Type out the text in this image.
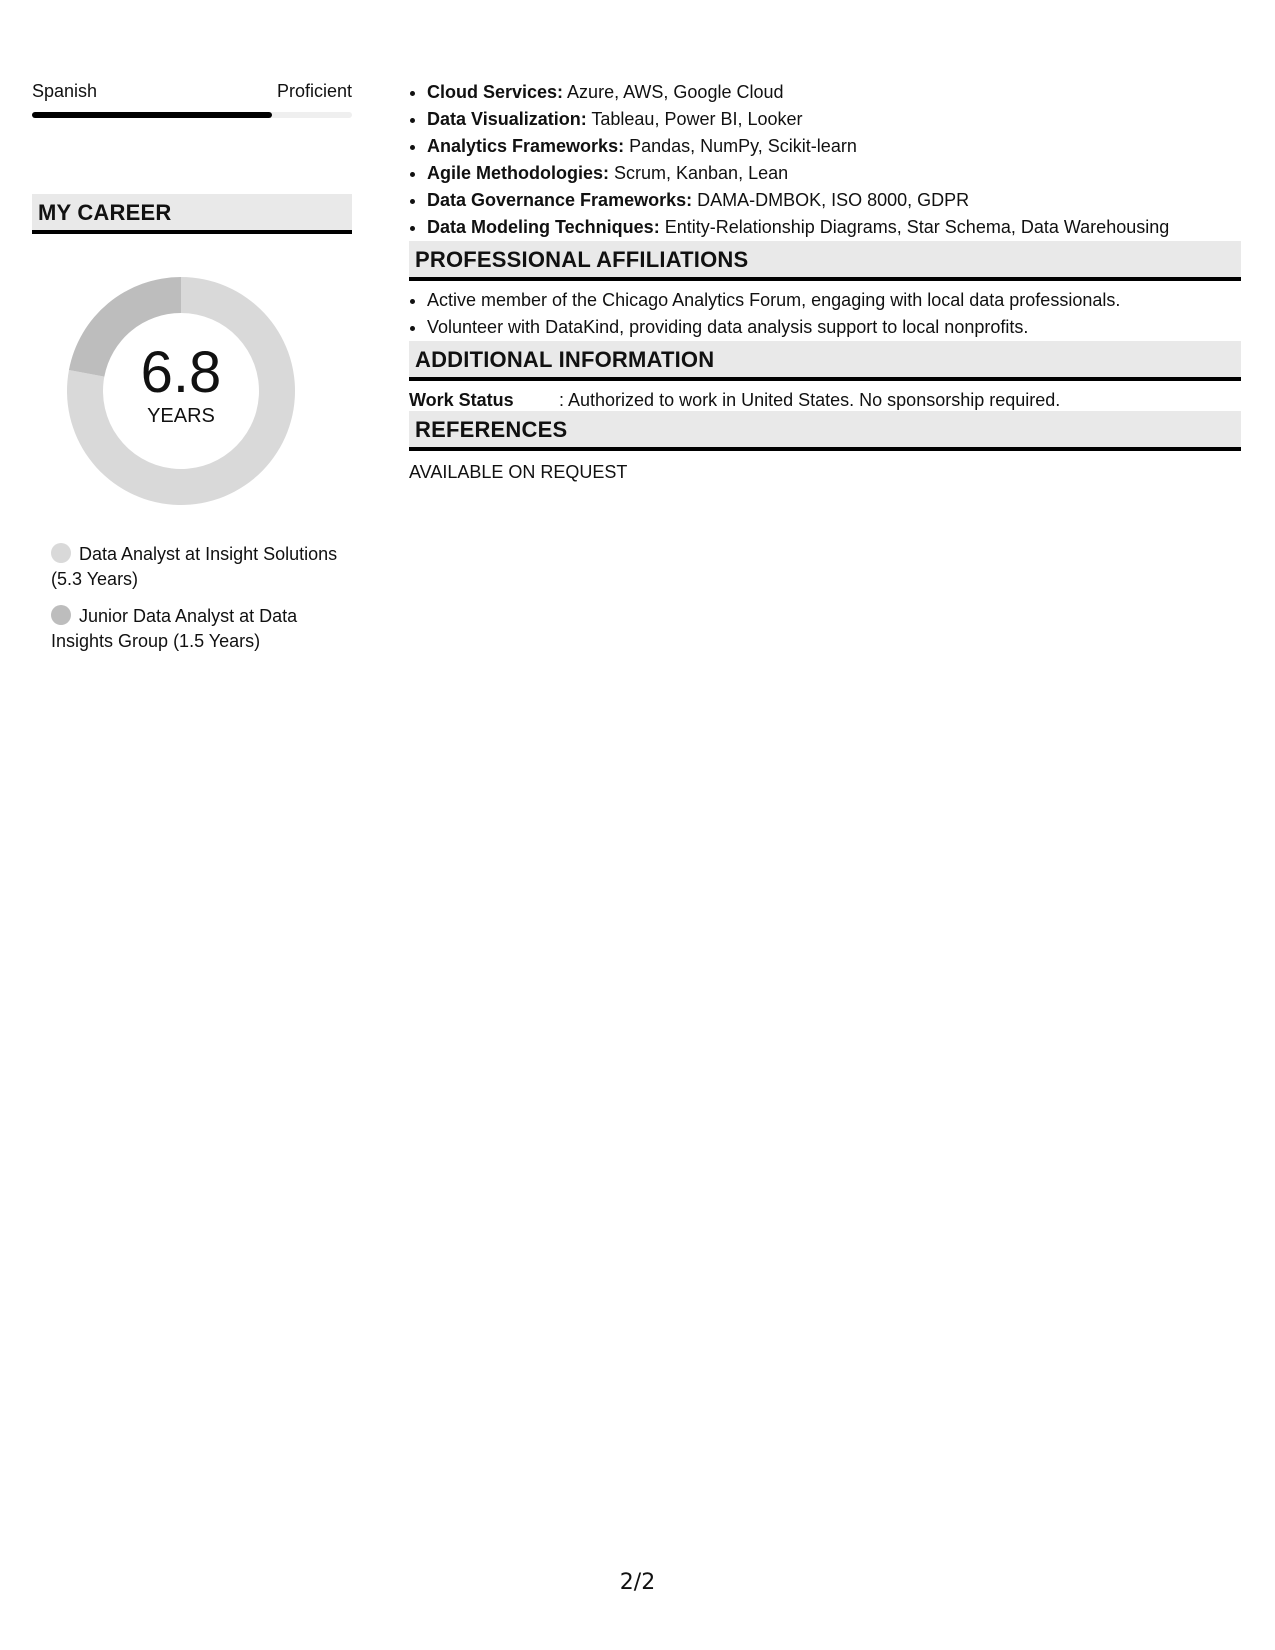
Spanish	Proficient
MY CAREER
6.8
YEARS
Data Analyst at Insight Solutions (5.3 Years)
Junior Data Analyst at Data Insights Group (1.5 Years)
• Cloud Services: Azure, AWS, Google Cloud
• Data Visualization: Tableau, Power BI, Looker
• Analytics Frameworks: Pandas, NumPy, Scikit-learn
• Agile Methodologies: Scrum, Kanban, Lean
• Data Governance Frameworks: DAMA-DMBOK, ISO 8000, GDPR
• Data Modeling Techniques: Entity-Relationship Diagrams, Star Schema, Data Warehousing
PROFESSIONAL AFFILIATIONS
• Active member of the Chicago Analytics Forum, engaging with local data professionals.
• Volunteer with DataKind, providing data analysis support to local nonprofits.
ADDITIONAL INFORMATION
Work Status	: Authorized to work in United States. No sponsorship required.
REFERENCES
AVAILABLE ON REQUEST
2/2
